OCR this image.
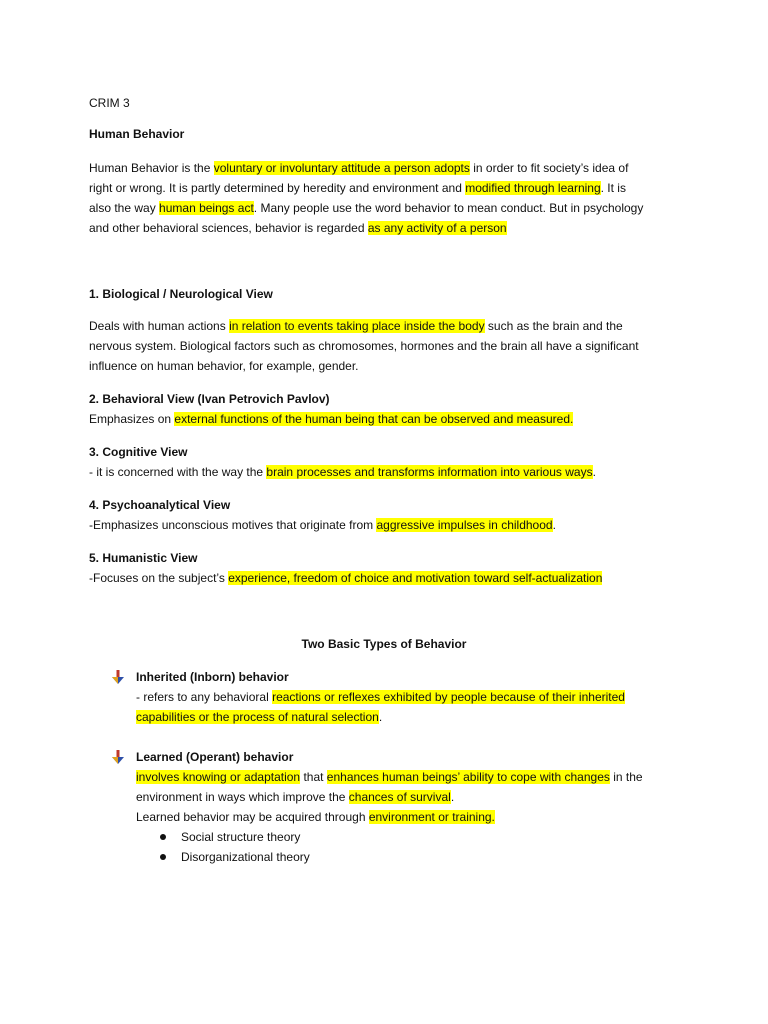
CRIM 3
Human Behavior
Human Behavior is the voluntary or involuntary attitude a person adopts in order to fit society’s idea of
right or wrong. It is partly determined by heredity and environment and modified through learning. It is
also the way human beings act. Many people use the word behavior to mean conduct. But in psychology
and other behavioral sciences, behavior is regarded as any activity of a person
1. Biological / Neurological View
Deals with human actions in relation to events taking place inside the body such as the brain and the
nervous system. Biological factors such as chromosomes, hormones and the brain all have a significant
influence on human behavior, for example, gender.
2. Behavioral View (Ivan Petrovich Pavlov)
Emphasizes on external functions of the human being that can be observed and measured.
3. Cognitive View
- it is concerned with the way the brain processes and transforms information into various ways.
4. Psychoanalytical View
-Emphasizes unconscious motives that originate from aggressive impulses in childhood.
5. Humanistic View
-Focuses on the subject’s experience, freedom of choice and motivation toward self-actualization
Two Basic Types of Behavior
Inherited (Inborn) behavior
- refers to any behavioral reactions or reflexes exhibited by people because of their inherited
capabilities or the process of natural selection.
Learned (Operant) behavior
involves knowing or adaptation that enhances human beings’ ability to cope with changes in the
environment in ways which improve the chances of survival.
Learned behavior may be acquired through environment or training.
Social structure theory
Disorganizational theory
